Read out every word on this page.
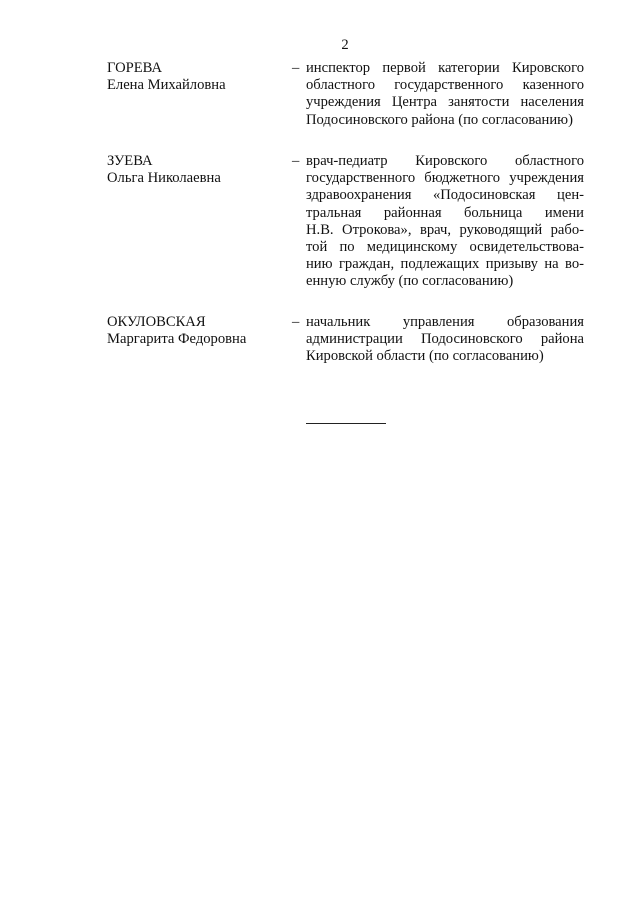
2
ГОРЕВА
Елена Михайловна
– инспектор первой категории Кировского
областного государственного казенного
учреждения Центра занятости населения
Подосиновского района (по согласованию)
ЗУЕВА
Ольга Николаевна
– врач-педиатр Кировского областного
государственного бюджетного учреждения
здравоохранения «Подосиновская цен-
тральная районная больница имени
Н.В. Отрокова», врач, руководящий рабо-
той по медицинскому освидетельствова-
нию граждан, подлежащих призыву на во-
енную службу (по согласованию)
ОКУЛОВСКАЯ
Маргарита Федоровна
– начальник управления образования
администрации Подосиновского района
Кировской области (по согласованию)
